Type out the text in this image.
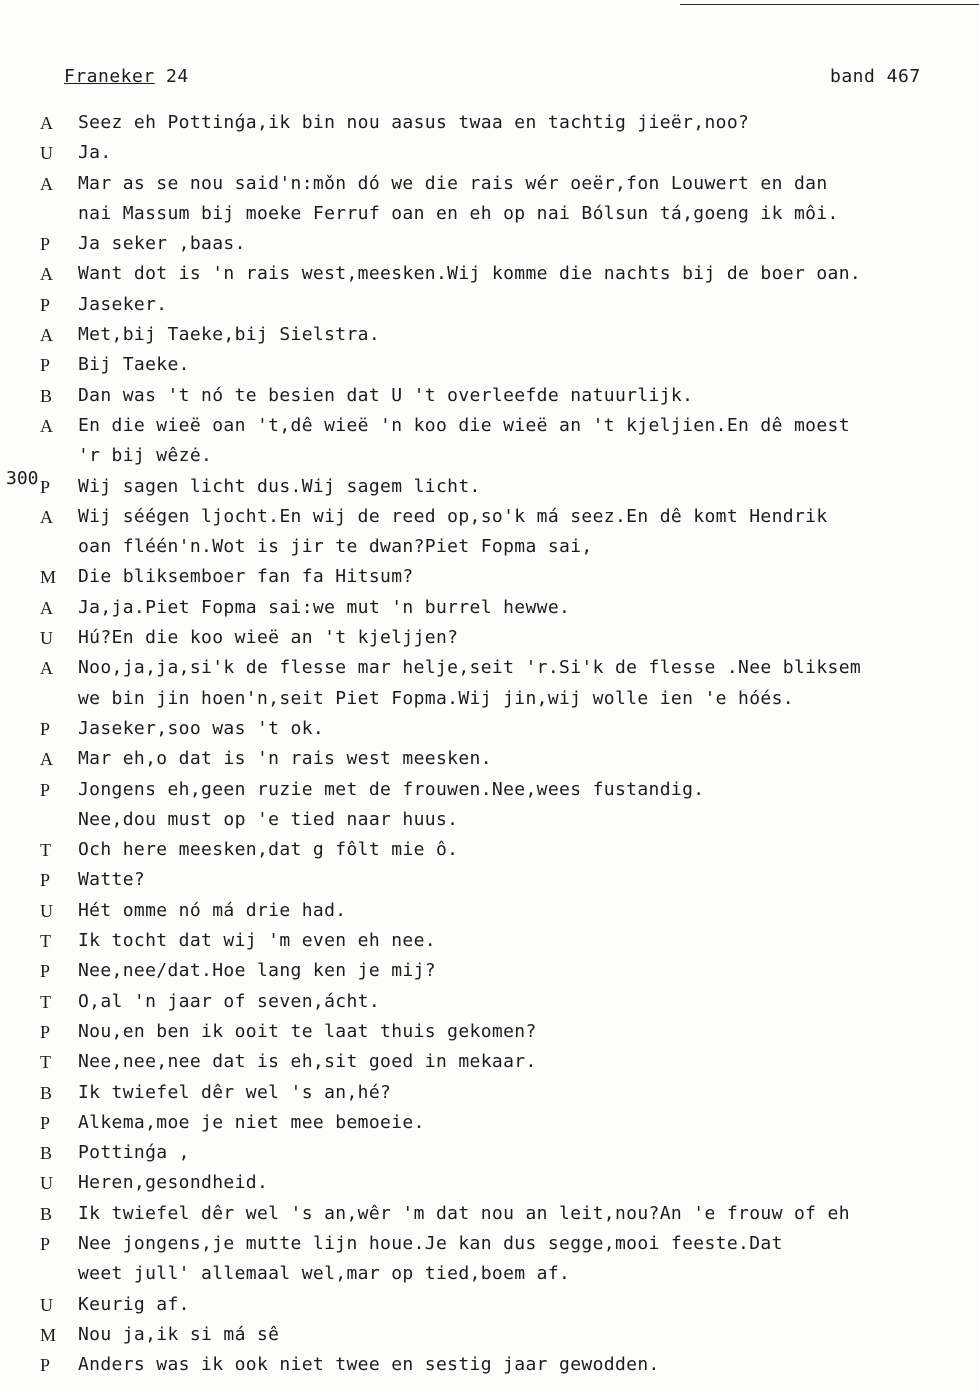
Franeker 24	band 467
300
A	Seez eh Pottinǵa,ik bin nou aasus twaa en tachtig jieër,noo?
U	Ja.
A	Mar as se nou said'n:mǒn dó we die rais wér oeër,fon Louwert en dan
nai Massum bij moeke Ferruf oan en eh op nai Bólsun tá,goeng ik môi.
P	Ja seker ,baas.
A	Want dot is 'n rais west,meesken.Wij komme die nachts bij de boer oan.
P	Jaseker.
A	Met,bij Taeke,bij Sielstra.
P	Bij Taeke.
B	Dan was 't nó te besien dat U 't overleefde natuurlijk.
A	En die wieë oan 't,dê wieë 'n koo die wieë an 't kjeljien.En dê moest
'r bij wêzė.
P	Wij sagen licht dus.Wij sagem licht.
A	Wij séégen ljocht.En wij de reed op,so'k má seez.En dê komt Hendrik
oan fléén'n.Wot is jir te dwan?Piet Fopma sai,
M	Die bliksemboer fan fa Hitsum?
A	Ja,ja.Piet Fopma sai:we mut 'n burrel hewwe.
U	Hú?En die koo wieë an 't kjeljjen?
A	Noo,ja,ja,si'k de flesse mar helje,seit 'r.Si'k de flesse .Nee bliksem
we bin jin hoen'n,seit Piet Fopma.Wij jin,wij wolle ien 'e hóés.
P	Jaseker,soo was 't ok.
A	Mar eh,o dat is 'n rais west meesken.
P	Jongens eh,geen ruzie met de frouwen.Nee,wees fustandig.
Nee,dou must op 'e tied naar huus.
T	Och here meesken,dat g fôlt mie ô.
P	Watte?
U	Hét omme nó má drie had.
T	Ik tocht dat wij 'm even eh nee.
P	Nee,nee/dat.Hoe lang ken je mij?
T	O,al 'n jaar of seven,ácht.
P	Nou,en ben ik ooit te laat thuis gekomen?
T	Nee,nee,nee dat is eh,sit goed in mekaar.
B	Ik twiefel dêr wel 's an,hé?
P	Alkema,moe je niet mee bemoeie.
B	Pottinǵa ,
U	Heren,gesondheid.
B	Ik twiefel dêr wel 's an,wêr 'm dat nou an leit,nou?An 'e frouw of eh
P	Nee jongens,je mutte lijn houe.Je kan dus segge,mooi feeste.Dat
weet jull' allemaal wel,mar op tied,boem af.
U	Keurig af.
M	Nou ja,ik si má sê
P	Anders was ik ook niet twee en sestig jaar gewodden.
